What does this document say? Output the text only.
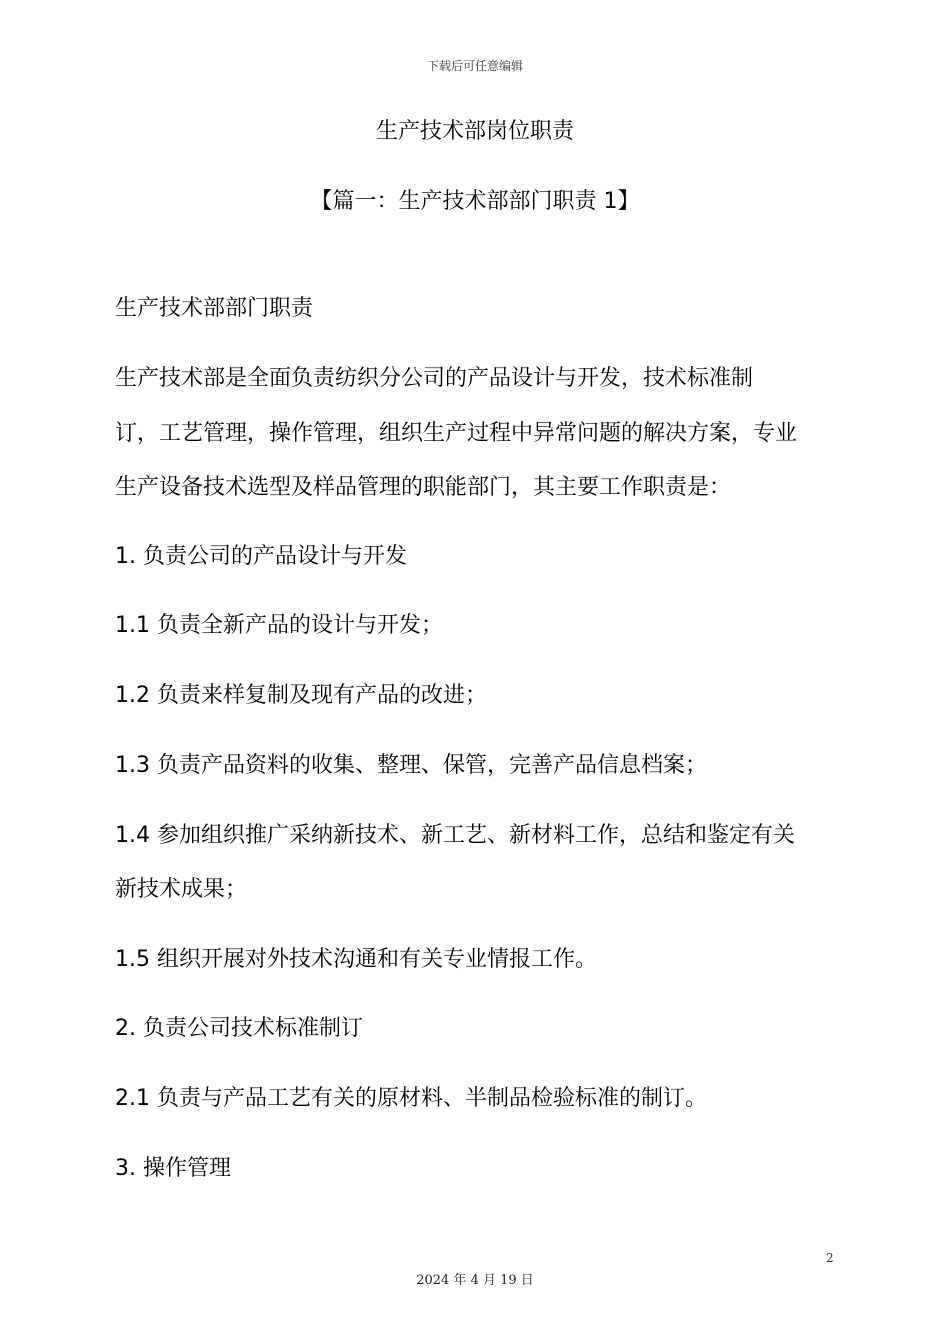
下载后可任意编辑
生产技术部岗位职责
【篇一：生产技术部部门职责 1】
生产技术部部门职责
生产技术部是全面负责纺织分公司的产品设计与开发，技术标准制
订，工艺管理，操作管理，组织生产过程中异常问题的解决方案，专业
生产设备技术选型及样品管理的职能部门，其主要工作职责是：
1. 负责公司的产品设计与开发
1.1 负责全新产品的设计与开发；
1.2 负责来样复制及现有产品的改进；
1.3 负责产品资料的收集、整理、保管，完善产品信息档案；
1.4 参加组织推广采纳新技术、新工艺、新材料工作，总结和鉴定有关
新技术成果；
1.5 组织开展对外技术沟通和有关专业情报工作。
2. 负责公司技术标准制订
2.1 负责与产品工艺有关的原材料、半制品检验标准的制订。
3. 操作管理
2
2024 年 4 月 19 日
